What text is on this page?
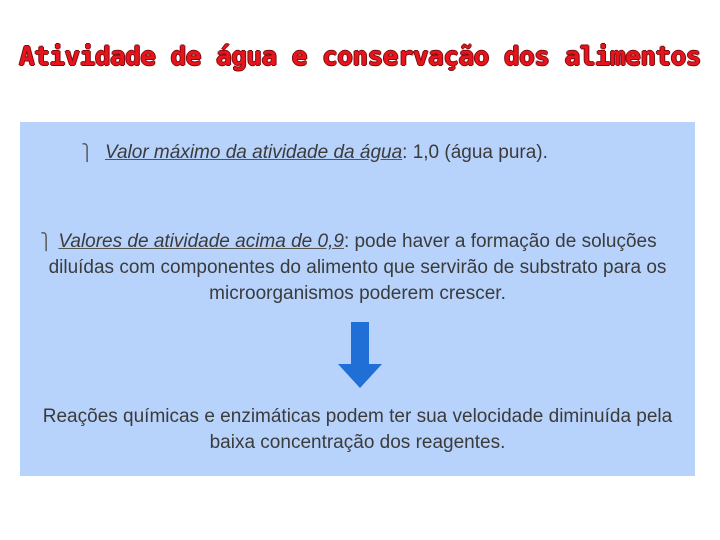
Atividade de água e conservação dos alimentos
⎫ Valor máximo da atividade da água: 1,0 (água pura).
⎫ Valores de atividade acima de 0,9: pode haver a formação de soluções diluídas com componentes do alimento que servirão de substrato para os microorganismos poderem crescer.
Reações químicas e enzimáticas podem ter sua velocidade diminuída pela baixa concentração dos reagentes.
